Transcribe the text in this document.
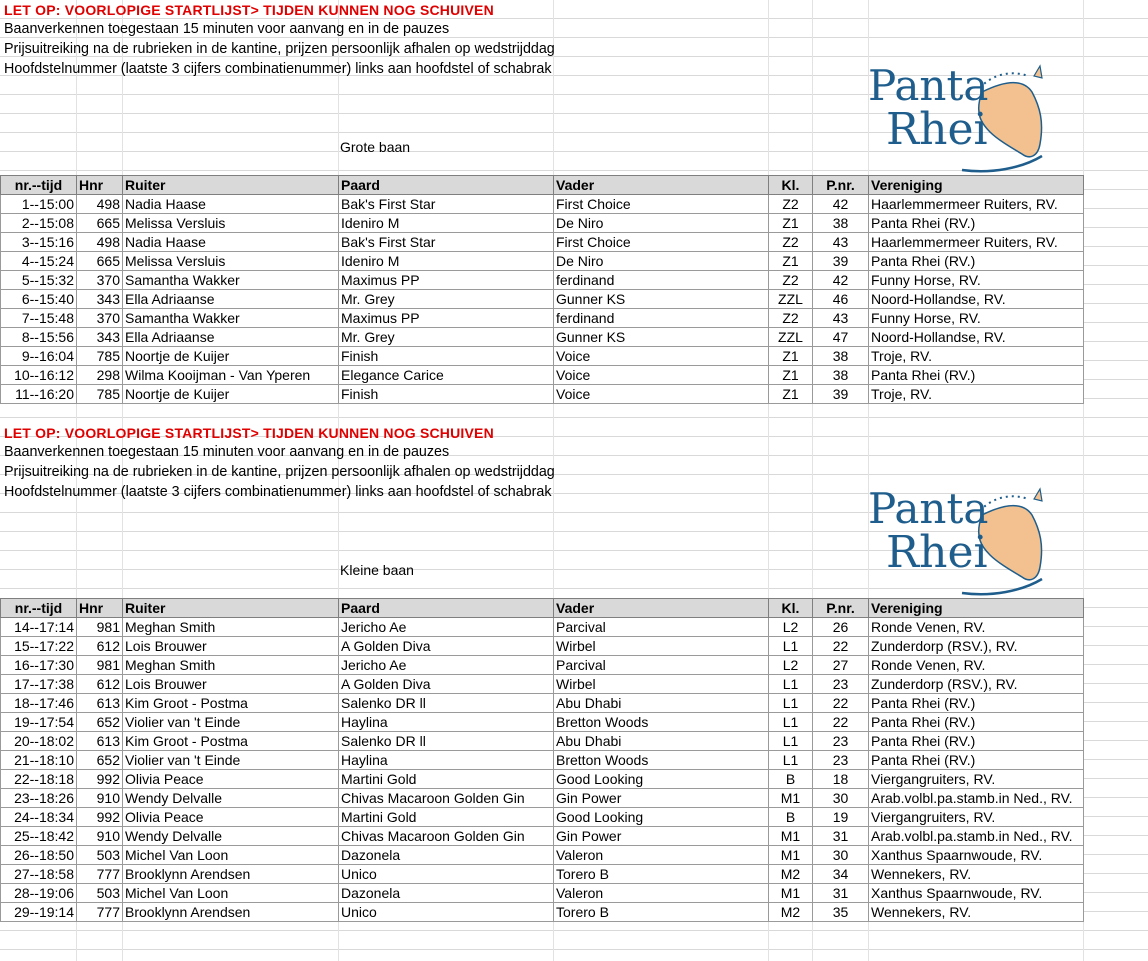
LET OP: VOORLOPIGE STARTLIJST> TIJDEN KUNNEN NOG SCHUIVEN
Baanverkennen toegestaan 15 minuten voor aanvang en in de pauzes
Prijsuitreiking na de rubrieken in de kantine, prijzen persoonlijk afhalen op wedstrijddag
Hoofdstelnummer (laatste 3 cijfers combinatienummer) links aan hoofdstel of schabrak	Panta
Rhei
Grote baan
nr.--tijd	Hnr	Ruiter	Paard	Vader	Kl.	P.nr.	Vereniging
1--15:00	498	Nadia Haase	Bak's First Star	First Choice	Z2	42	Haarlemmermeer Ruiters, RV.
2--15:08	665	Melissa Versluis	Ideniro M	De Niro	Z1	38	Panta Rhei (RV.)
3--15:16	498	Nadia Haase	Bak's First Star	First Choice	Z2	43	Haarlemmermeer Ruiters, RV.
4--15:24	665	Melissa Versluis	Ideniro M	De Niro	Z1	39	Panta Rhei (RV.)
5--15:32	370	Samantha Wakker	Maximus PP	ferdinand	Z2	42	Funny Horse, RV.
6--15:40	343	Ella Adriaanse	Mr. Grey	Gunner KS	ZZL	46	Noord-Hollandse, RV.
7--15:48	370	Samantha Wakker	Maximus PP	ferdinand	Z2	43	Funny Horse, RV.
8--15:56	343	Ella Adriaanse	Mr. Grey	Gunner KS	ZZL	47	Noord-Hollandse, RV.
9--16:04	785	Noortje de Kuijer	Finish	Voice	Z1	38	Troje, RV.
10--16:12	298	Wilma Kooijman - Van Yperen	Elegance Carice	Voice	Z1	38	Panta Rhei (RV.)
11--16:20	785	Noortje de Kuijer	Finish	Voice	Z1	39	Troje, RV.
LET OP: VOORLOPIGE STARTLIJST> TIJDEN KUNNEN NOG SCHUIVEN
Baanverkennen toegestaan 15 minuten voor aanvang en in de pauzes
Prijsuitreiking na de rubrieken in de kantine, prijzen persoonlijk afhalen op wedstrijddag
Hoofdstelnummer (laatste 3 cijfers combinatienummer) links aan hoofdstel of schabrak	Panta
Rhei
Kleine baan
nr.--tijd	Hnr	Ruiter	Paard	Vader	Kl.	P.nr.	Vereniging
14--17:14	981	Meghan Smith	Jericho Ae	Parcival	L2	26	Ronde Venen, RV.
15--17:22	612	Lois Brouwer	A Golden Diva	Wirbel	L1	22	Zunderdorp (RSV.), RV.
16--17:30	981	Meghan Smith	Jericho Ae	Parcival	L2	27	Ronde Venen, RV.
17--17:38	612	Lois Brouwer	A Golden Diva	Wirbel	L1	23	Zunderdorp (RSV.), RV.
18--17:46	613	Kim Groot - Postma	Salenko DR ll	Abu Dhabi	L1	22	Panta Rhei (RV.)
19--17:54	652	Violier van 't Einde	Haylina	Bretton Woods	L1	22	Panta Rhei (RV.)
20--18:02	613	Kim Groot - Postma	Salenko DR ll	Abu Dhabi	L1	23	Panta Rhei (RV.)
21--18:10	652	Violier van 't Einde	Haylina	Bretton Woods	L1	23	Panta Rhei (RV.)
22--18:18	992	Olivia Peace	Martini Gold	Good Looking	B	18	Viergangruiters, RV.
23--18:26	910	Wendy Delvalle	Chivas Macaroon Golden Gin	Gin Power	M1	30	Arab.volbl.pa.stamb.in Ned., RV.
24--18:34	992	Olivia Peace	Martini Gold	Good Looking	B	19	Viergangruiters, RV.
25--18:42	910	Wendy Delvalle	Chivas Macaroon Golden Gin	Gin Power	M1	31	Arab.volbl.pa.stamb.in Ned., RV.
26--18:50	503	Michel Van Loon	Dazonela	Valeron	M1	30	Xanthus Spaarnwoude, RV.
27--18:58	777	Brooklynn Arendsen	Unico	Torero B	M2	34	Wennekers, RV.
28--19:06	503	Michel Van Loon	Dazonela	Valeron	M1	31	Xanthus Spaarnwoude, RV.
29--19:14	777	Brooklynn Arendsen	Unico	Torero B	M2	35	Wennekers, RV.
